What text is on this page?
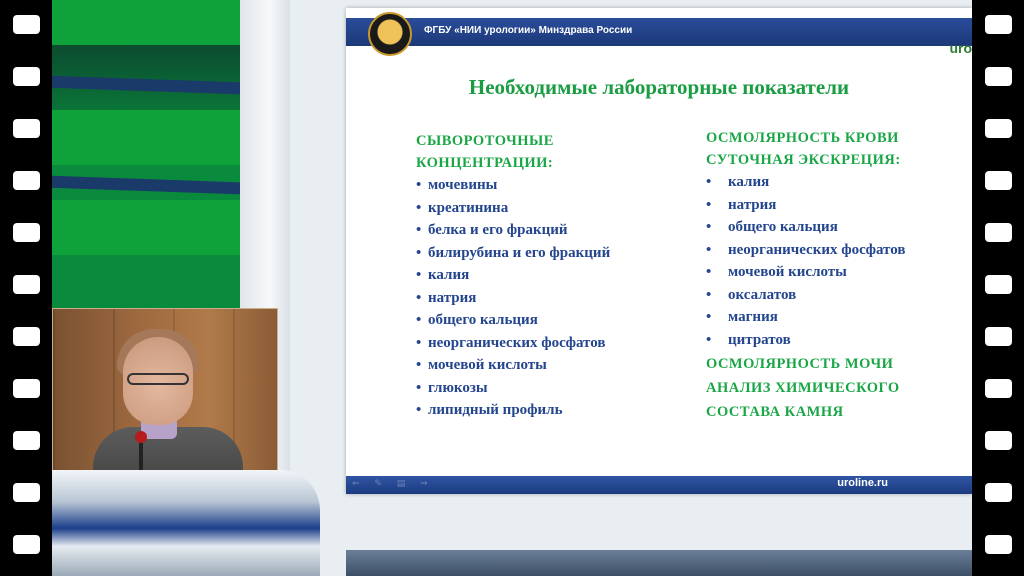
ФГБУ «НИИ урологии» Минздрава России
uro
Необходимые лабораторные показатели
СЫВОРОТОЧНЫЕ
КОНЦЕНТРАЦИИ:
• мочевины
• креатинина
• белка и его фракций
• билирубина и его фракций
• калия
• натрия
• общего кальция
• неорганических фосфатов
• мочевой кислоты
• глюкозы
• липидный профиль
ОСМОЛЯРНОСТЬ КРОВИ
СУТОЧНАЯ ЭКСКРЕЦИЯ:
• калия
• натрия
• общего кальция
• неорганических фосфатов
• мочевой кислоты
• оксалатов
• магния
• цитратов
ОСМОЛЯРНОСТЬ МОЧИ
АНАЛИЗ ХИМИЧЕСКОГО
СОСТАВА КАМНЯ
⇐ ✎ ▤ ⇒	uroline.ru
